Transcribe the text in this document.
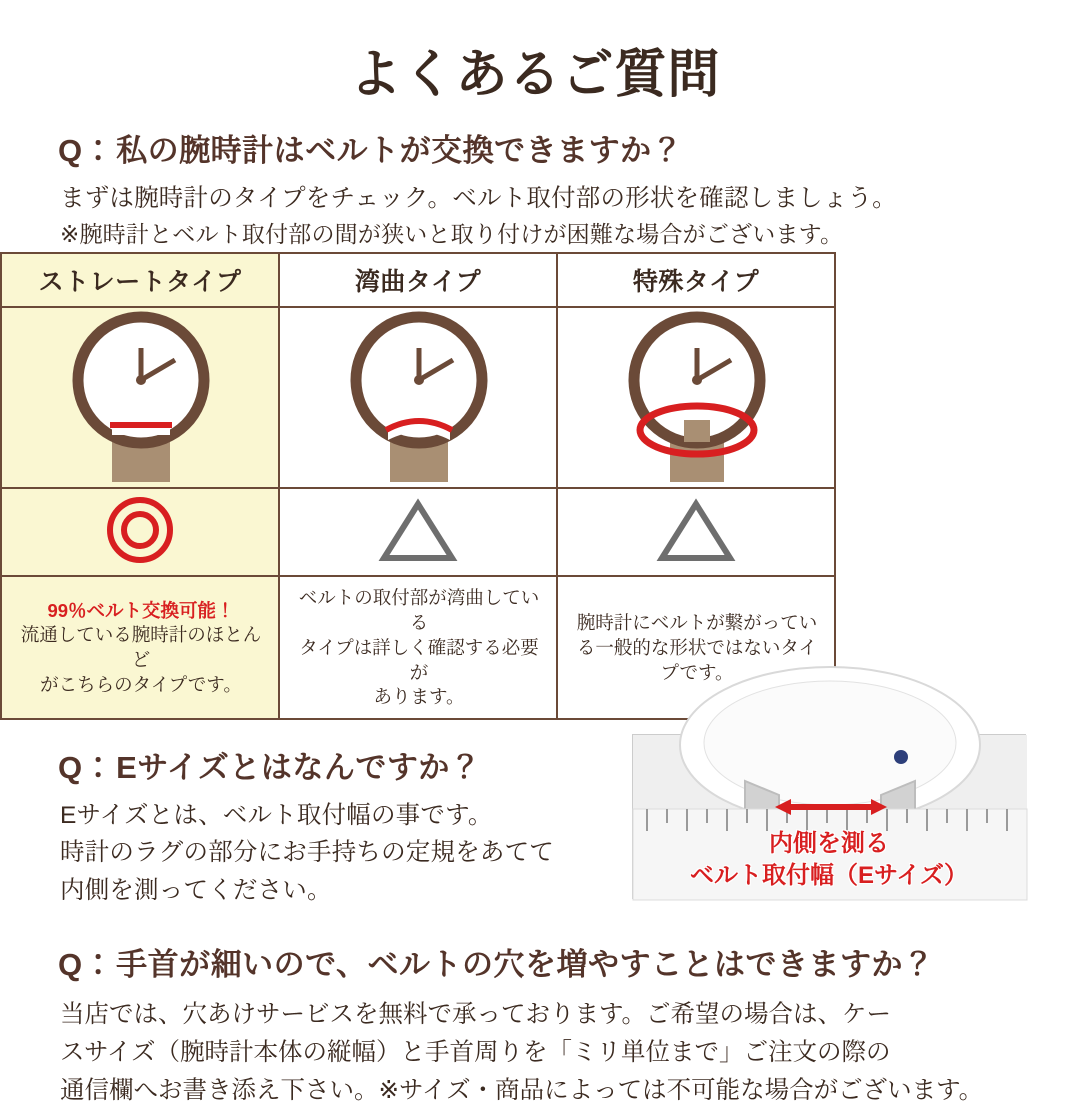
よくあるご質問
Q： 私の腕時計はベルトが交換できますか？
まずは腕時計のタイプをチェック。ベルト取付部の形状を確認しましょう。
※腕時計とベルト取付部の間が狭いと取り付けが困難な場合がございます。
ストレートタイプ	湾曲タイプ	特殊タイプ

99％ベルト交換可能！
流通している腕時計のほとんど
がこちらのタイプです。

ベルトの取付部が湾曲している
タイプは詳しく確認する必要が
あります。

腕時計にベルトが繋がってい
る一般的な形状ではないタイ
プです。
Q： Eサイズとはなんですか？
Eサイズとは、ベルト取付幅の事です。
時計のラグの部分にお手持ちの定規をあてて
内側を測ってください。
内側を測る
ベルト取付幅（Eサイズ）
Q： 手首が細いので、ベルトの穴を増やすことはできますか？
当店では、穴あけサービスを無料で承っております。ご希望の場合は、ケー
スサイズ（腕時計本体の縦幅）と手首周りを「ミリ単位まで」ご注文の際の
通信欄へお書き添え下さい。※サイズ・商品によっては不可能な場合がございます。
